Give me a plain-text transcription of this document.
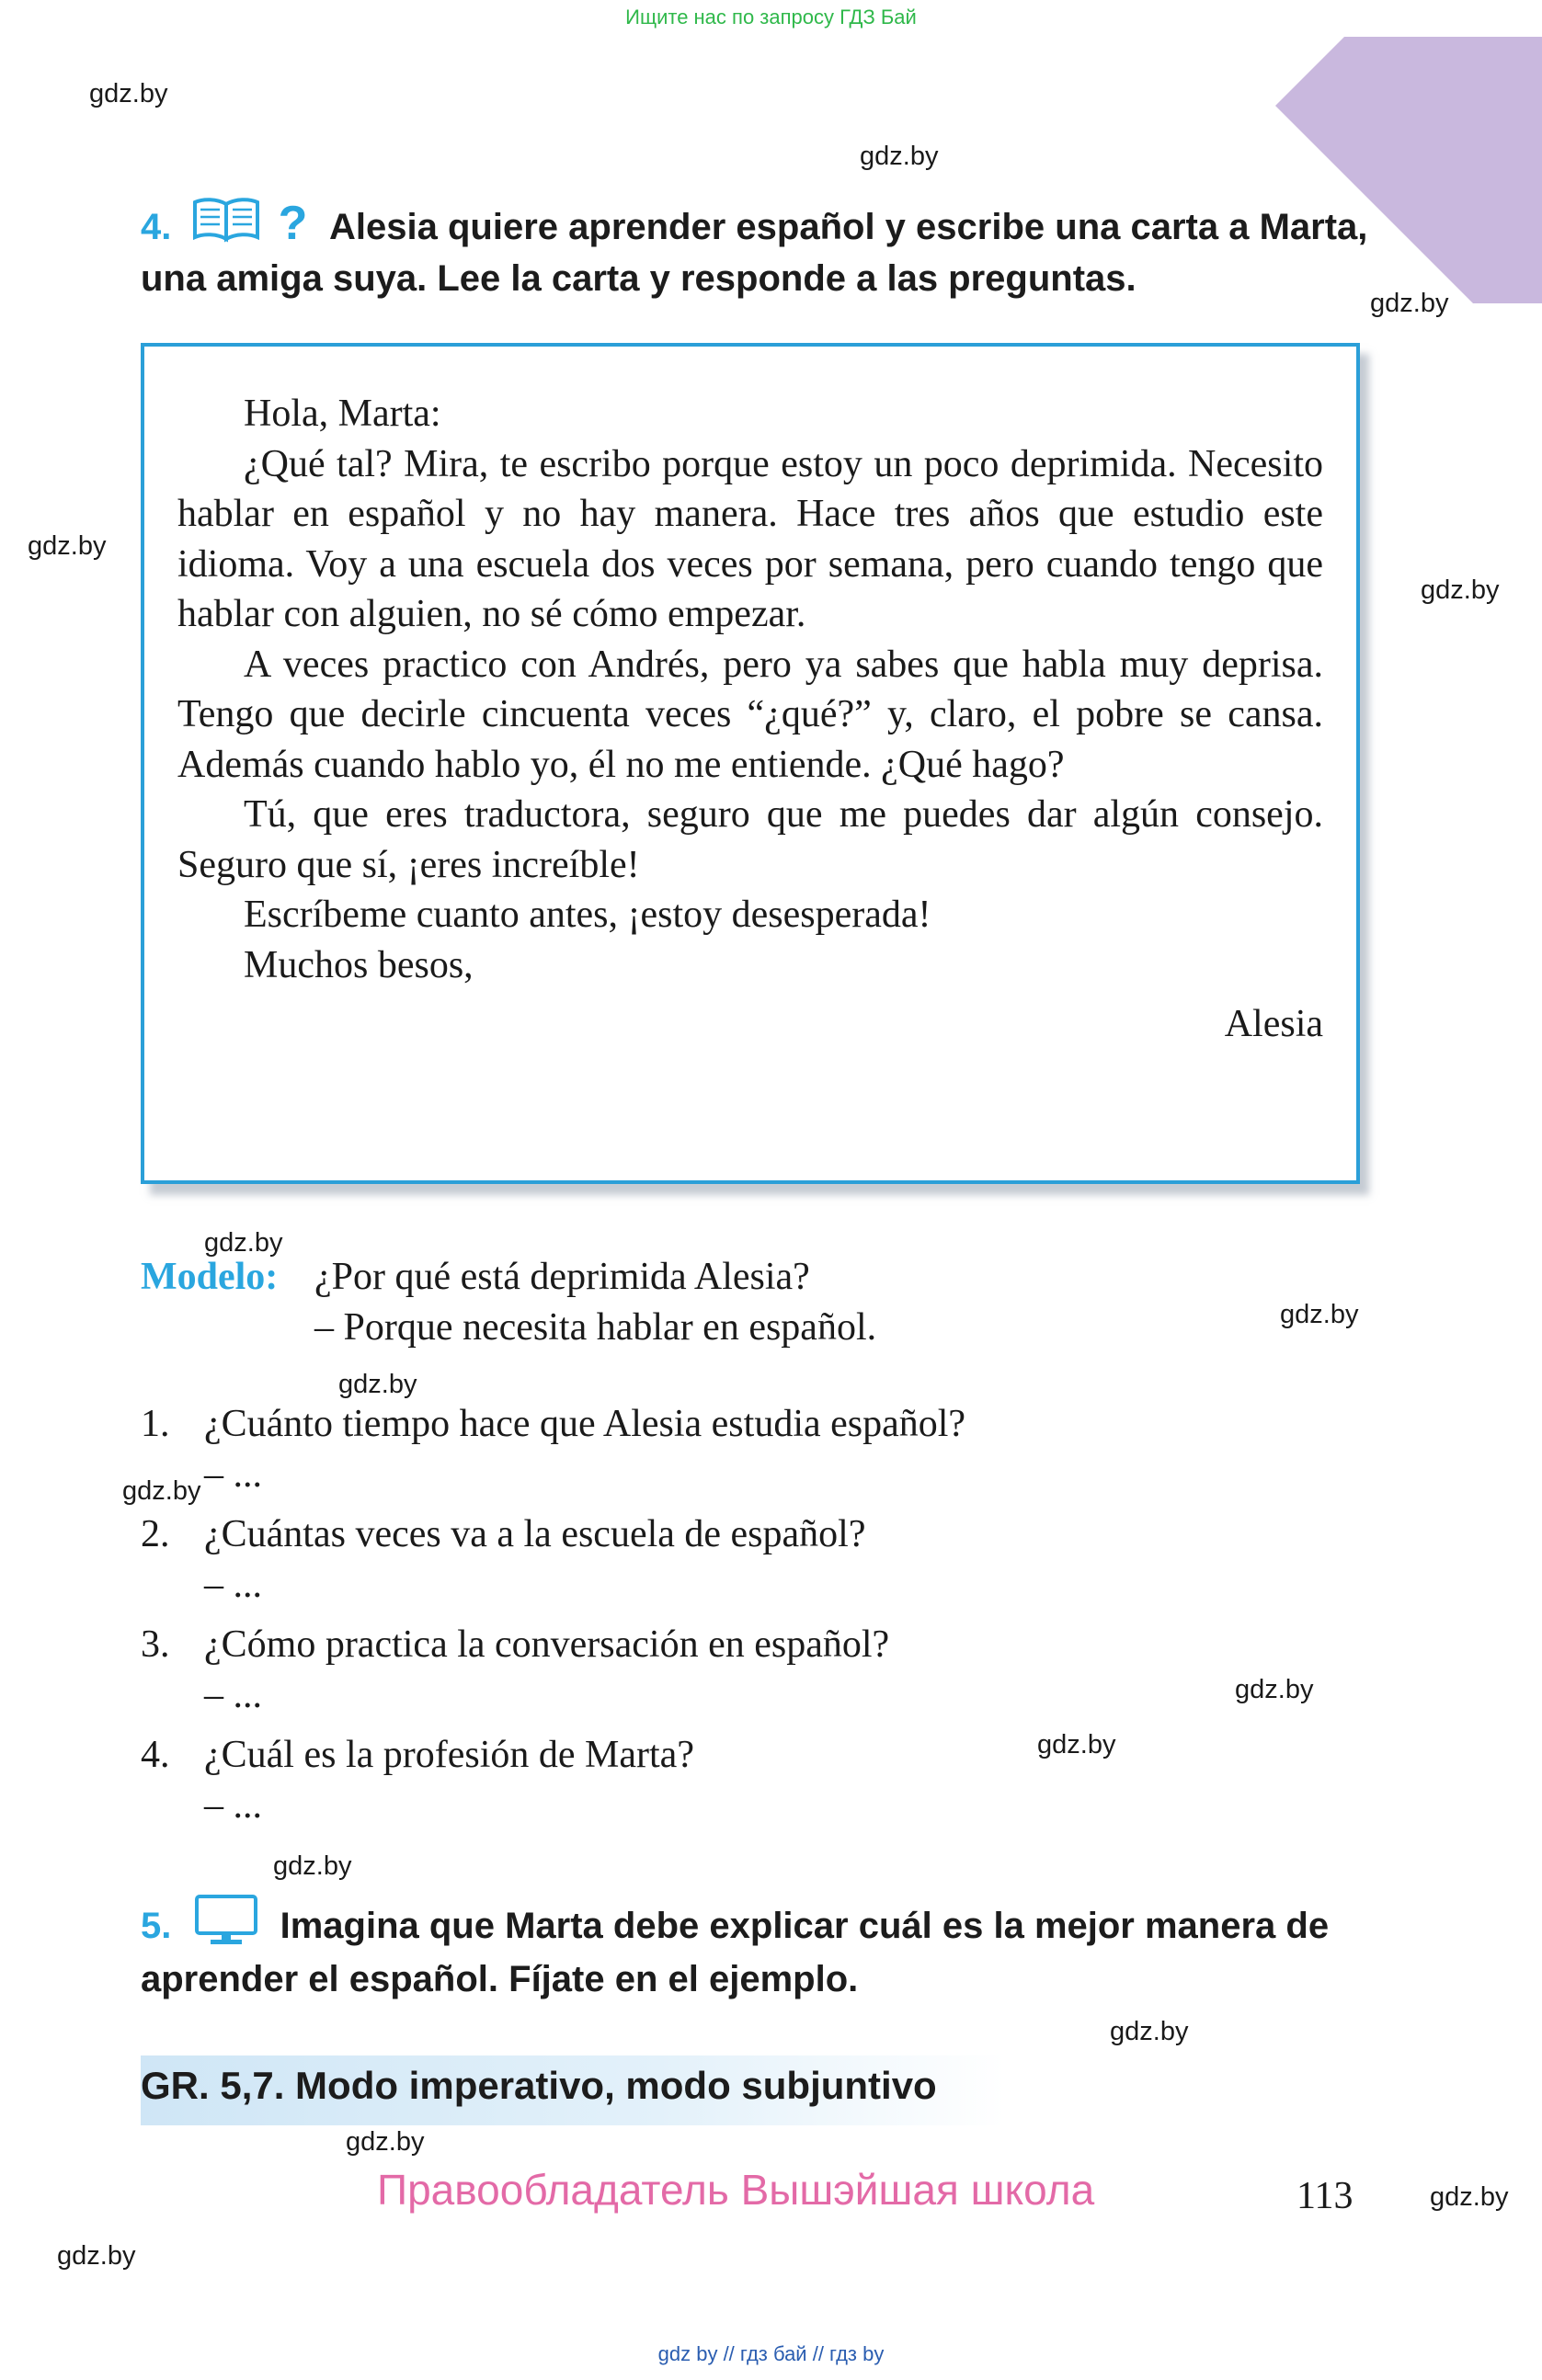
Ищите нас по запросу ГДЗ Бай
gdz.by
gdz.by
gdz.by
gdz.by
gdz.by
gdz.by
gdz.by
gdz.by
gdz.by
gdz.by
gdz.by
gdz.by
gdz.by
gdz.by
gdz.by
gdz.by
4. ? Alesia quiere aprender español y escribe una carta a Marta, una amiga suya. Lee la carta y responde a las preguntas.

Hola, Marta:

¿Qué tal? Mira, te escribo porque estoy un poco deprimida. Necesito hablar en español y no hay manera. Hace tres años que estudio este idioma. Voy a una escuela dos veces por semana, pero cuando tengo que hablar con alguien, no sé cómo empezar.

A veces practico con Andrés, pero ya sabes que habla muy deprisa. Tengo que decirle cincuenta veces “¿qué?” y, claro, el pobre se cansa. Además cuando hablo yo, él no me entiende. ¿Qué hago?

Tú, que eres traductora, seguro que me puedes dar algún consejo. Seguro que sí, ¡eres increíble!

Escríbeme cuanto antes, ¡estoy desesperada!

Muchos besos,

Alesia

Modelo: ¿Por qué está deprimida Alesia?
– Porque necesita hablar en español.
1. ¿Cuánto tiempo hace que Alesia estudia español?
– ...
2. ¿Cuántas veces va a la escuela de español?
– ...
3. ¿Cómo practica la conversación en español?
– ...
4. ¿Cuál es la profesión de Marta?
– ...
5.	Imagina que Marta debe explicar cuál es la mejor manera de aprender el español. Fíjate en el ejemplo.
GR. 5,7. Modo imperativo, modo subjuntivo
Правообладатель Вышэйшая школа	113
gdz by // гдз бай // гдз by
